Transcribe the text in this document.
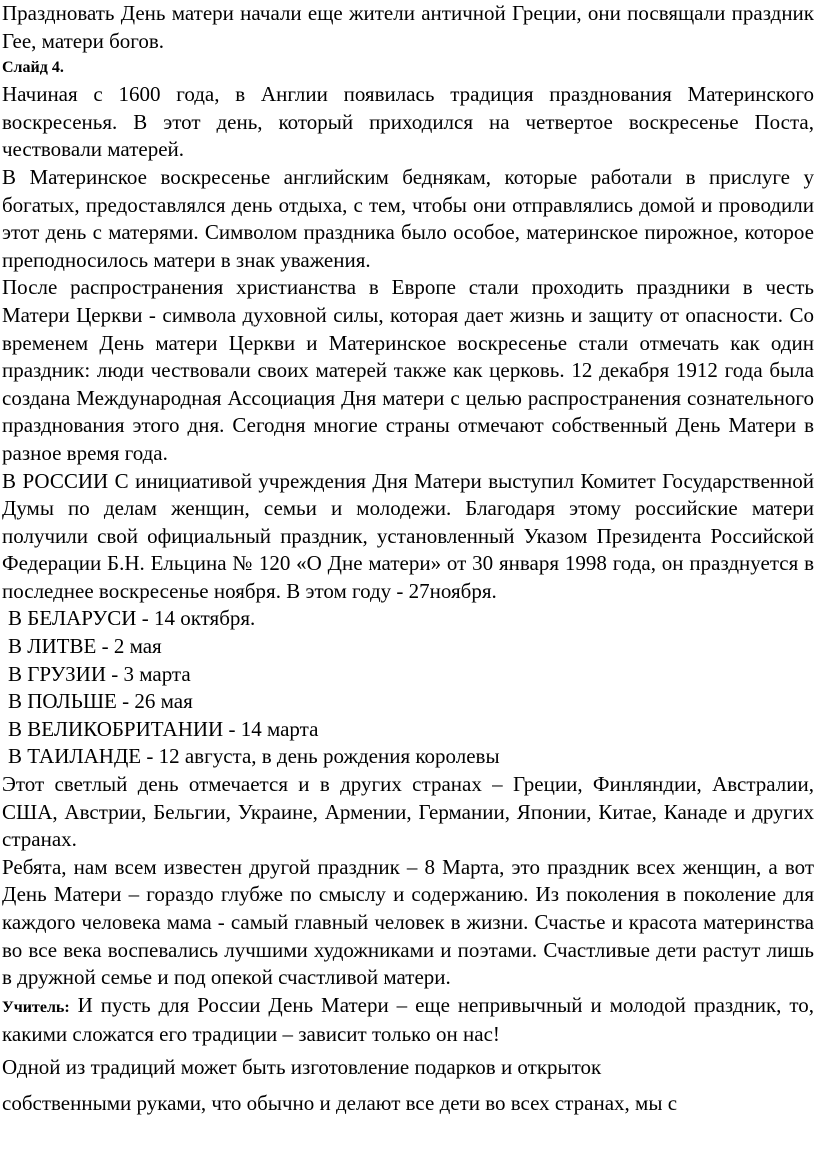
Праздновать День матери начали еще жители античной Греции, они посвящали праздник Гее, матери богов.

Слайд 4.

Начиная с 1600 года, в Англии появилась традиция празднования Материнского воскресенья. В этот день, который приходился на четвертое воскресенье Поста, чествовали матерей.

В Материнское воскресенье английским беднякам, которые работали в прислуге у богатых, предоставлялся день отдыха, с тем, чтобы они отправлялись домой и проводили этот день с матерями. Символом праздника было особое, материнское пирожное, которое преподносилось матери в знак уважения.

После распространения христианства в Европе стали проходить праздники в честь Матери Церкви - символа духовной силы, которая дает жизнь и защиту от опасности. Со временем День матери Церкви и Материнское воскресенье стали отмечать как один праздник: люди чествовали своих матерей также как церковь. 12 декабря 1912 года была создана Международная Ассоциация Дня матери с целью распространения сознательного празднования этого дня. Сегодня многие страны отмечают собственный День Матери в разное время года.

В РОССИИ С инициативой учреждения Дня Матери выступил Комитет Государственной Думы по делам женщин, семьи и молодежи. Благодаря этому российские матери получили свой официальный праздник, установленный Указом Президента Российской Федерации Б.Н. Ельцина № 120 «О Дне матери» от 30 января 1998 года, он празднуется в последнее воскресенье ноября. В этом году - 27ноября.

В БЕЛАРУСИ - 14 октября.

В ЛИТВЕ - 2 мая

В ГРУЗИИ - 3 марта

В ПОЛЬШЕ - 26 мая

В ВЕЛИКОБРИТАНИИ - 14 марта

В ТАИЛАНДЕ - 12 августа, в день рождения королевы

Этот светлый день отмечается и в других странах – Греции, Финляндии, Австралии, США, Австрии, Бельгии, Украине, Армении, Германии, Японии, Китае, Канаде и других странах.

Ребята, нам всем известен другой праздник – 8 Марта, это праздник всех женщин, а вот День Матери – гораздо глубже по смыслу и содержанию. Из поколения в поколение для каждого человека мама - самый главный человек в жизни. Счастье и красота материнства во все века воспевались лучшими художниками и поэтами. Счастливые дети растут лишь в дружной семье и под опекой счастливой матери.

Учитель: И пусть для России День Матери – еще непривычный и молодой праздник, то, какими сложатся его традиции – зависит только он нас!

Одной из традиций может быть изготовление подарков и открыток

собственными руками, что обычно и делают все дети во всех странах, мы с
